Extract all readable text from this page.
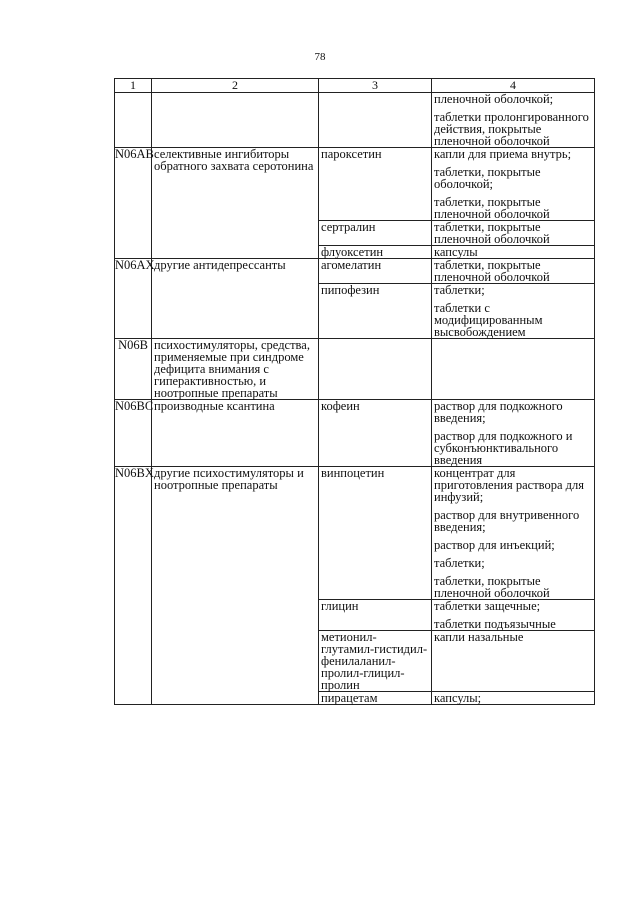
78
1	2	3	4

			пленочной оболочкой;
таблетки пролонгированного действия, покрытые пленочной оболочкой

N06AB	селективные ингибиторы обратного захвата серотонина	пароксетин	капли для приема внутрь;
таблетки, покрытые оболочкой;
таблетки, покрытые пленочной оболочкой

		сертралин	таблетки, покрытые пленочной оболочкой

		флуоксетин	капсулы

N06AX	другие антидепрессанты	агомелатин	таблетки, покрытые пленочной оболочкой

		пипофезин	таблетки;
таблетки с модифицированным высвобождением

N06B	психостимуляторы, средства, применяемые при синдроме дефицита внимания с гиперактивностью, и ноотропные препараты		
N06BC	производные ксантина	кофеин	раствор для подкожного введения;
раствор для подкожного и субконъюнктивального введения

N06BX	другие психостимуляторы и ноотропные препараты	винпоцетин	концентрат для приготовления раствора для инфузий;
раствор для внутривенного введения;
раствор для инъекций;
таблетки;
таблетки, покрытые пленочной оболочкой

		глицин	таблетки защечные;
таблетки подъязычные

		метионил-глутамил-гистидил-фенилаланил-пролил-глицил-пролин	капли назальные

		пирацетам	капсулы;
